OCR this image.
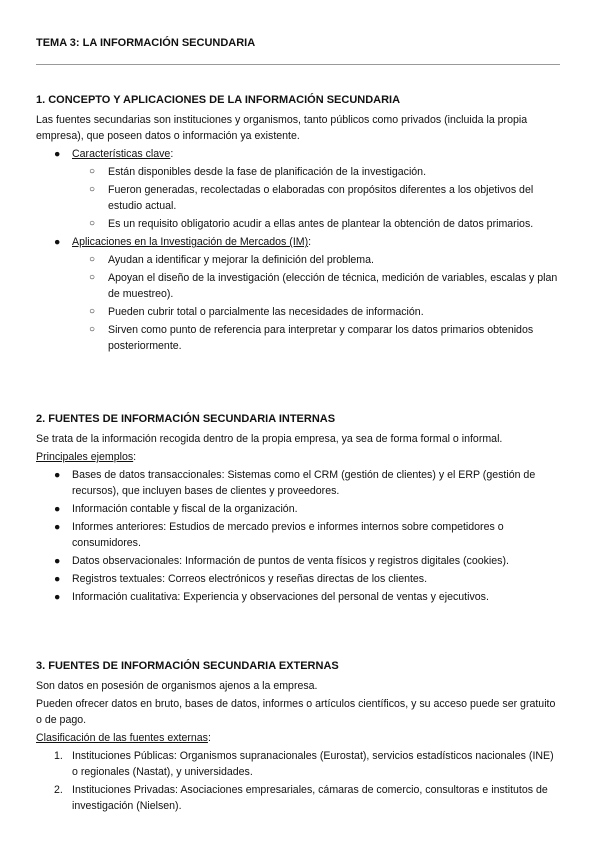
TEMA 3: LA INFORMACIÓN SECUNDARIA
1. CONCEPTO Y APLICACIONES DE LA INFORMACIÓN SECUNDARIA

Las fuentes secundarias son instituciones y organismos, tanto públicos como privados (incluida la propia empresa), que poseen datos o información ya existente.

● Características clave:
○ Están disponibles desde la fase de planificación de la investigación.
○ Fueron generadas, recolectadas o elaboradas con propósitos diferentes a los objetivos del estudio actual.
○ Es un requisito obligatorio acudir a ellas antes de plantear la obtención de datos primarios.
● Aplicaciones en la Investigación de Mercados (IM):
○ Ayudan a identificar y mejorar la definición del problema.
○ Apoyan el diseño de la investigación (elección de técnica, medición de variables, escalas y plan de muestreo).
○ Pueden cubrir total o parcialmente las necesidades de información.
○ Sirven como punto de referencia para interpretar y comparar los datos primarios obtenidos posteriormente.
2. FUENTES DE INFORMACIÓN SECUNDARIA INTERNAS

Se trata de la información recogida dentro de la propia empresa, ya sea de forma formal o informal.

Principales ejemplos:

● Bases de datos transaccionales: Sistemas como el CRM (gestión de clientes) y el ERP (gestión de recursos), que incluyen bases de clientes y proveedores.
● Información contable y fiscal de la organización.
● Informes anteriores: Estudios de mercado previos e informes internos sobre competidores o consumidores.
● Datos observacionales: Información de puntos de venta físicos y registros digitales (cookies).
● Registros textuales: Correos electrónicos y reseñas directas de los clientes.
● Información cualitativa: Experiencia y observaciones del personal de ventas y ejecutivos.
3. FUENTES DE INFORMACIÓN SECUNDARIA EXTERNAS

Son datos en posesión de organismos ajenos a la empresa.

Pueden ofrecer datos en bruto, bases de datos, informes o artículos científicos, y su acceso puede ser gratuito o de pago.

Clasificación de las fuentes externas:

1. Instituciones Públicas: Organismos supranacionales (Eurostat), servicios estadísticos nacionales (INE) o regionales (Nastat), y universidades.
2. Instituciones Privadas: Asociaciones empresariales, cámaras de comercio, consultoras e institutos de investigación (Nielsen).
